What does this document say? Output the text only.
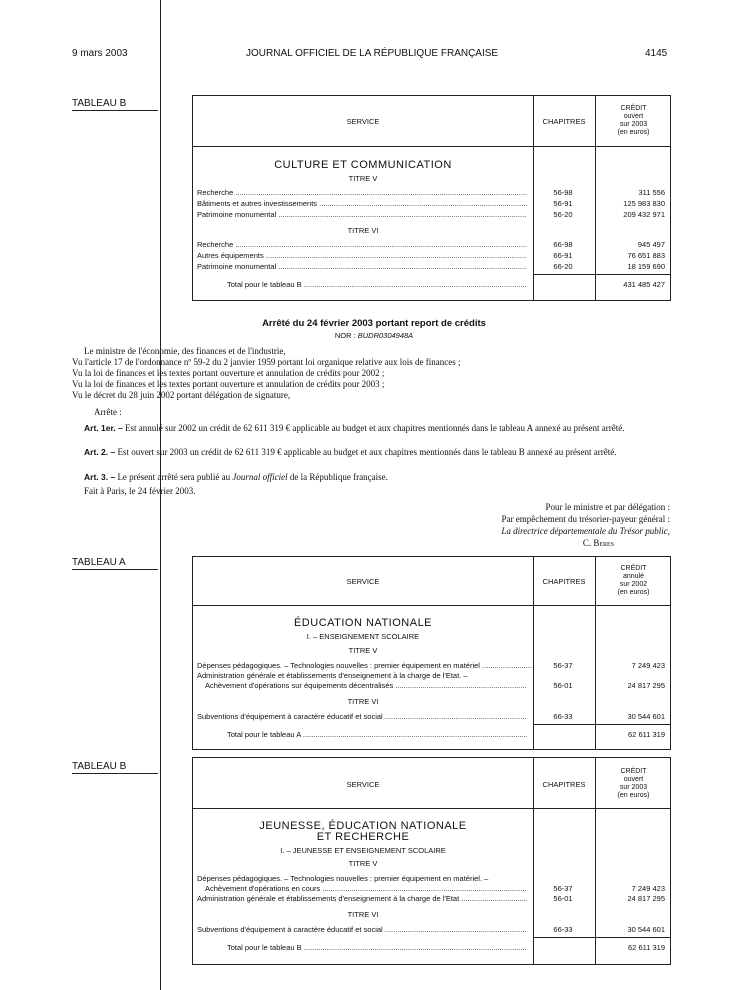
9 mars 2003	JOURNAL OFFICIEL DE LA RÉPUBLIQUE FRANÇAISE	4145
TABLEAU B
SERVICE	CHAPITRES
CRÉDIT
ouvert
sur 2003
(en euros)
CULTURE ET COMMUNICATION
TITRE V
Recherche .....	56-98	311 556
Bâtiments et autres investissements .....	56-91	125 983 830
Patrimoine monumental .....	56-20	209 432 971
TITRE VI
Recherche .....	66-98	945 497
Autres équipements .....	66-91	76 651 883
Patrimoine monumental .....	66-20	18 159 690
Total pour le tableau B .....	431 485 427
Arrêté du 24 février 2003 portant report de crédits
NOR : BUDR0304948A
Le ministre de l'économie, des finances et de l'industrie,
Vu l'article 17 de l'ordonnance nº 59-2 du 2 janvier 1959 portant loi organique relative aux lois de finances ;
Vu la loi de finances et les textes portant ouverture et annulation de crédits pour 2002 ;
Vu la loi de finances et les textes portant ouverture et annulation de crédits pour 2003 ;
Vu le décret du 28 juin 2002 portant délégation de signature,
Arrête :
Art. 1er. – Est annulé sur 2002 un crédit de 62 611 319 € applicable au budget et aux chapitres mentionnés dans le tableau A annexé au présent arrêté.
Art. 2. – Est ouvert sur 2003 un crédit de 62 611 319 € applicable au budget et aux chapitres mentionnés dans le tableau B annexé au présent arrêté.
Art. 3. – Le présent arrêté sera publié au Journal officiel de la République française.
Fait à Paris, le 24 février 2003.
Pour le ministre et par délégation :
Par empêchement du trésorier-payeur général :
La directrice départementale du Trésor public,
C. Beres
TABLEAU A
SERVICE	CHAPITRES
CRÉDIT
annulé
sur 2002
(en euros)
ÉDUCATION NATIONALE
I. – ENSEIGNEMENT SCOLAIRE
TITRE V
Dépenses pédagogiques. – Technologies nouvelles : premier équipement en matériel .....	56-37	7 249 423
Administration générale et établissements d'enseignement à la charge de l'Etat. –
Achèvement d'opérations sur équipements décentralisés .....	56-01	24 817 295
TITRE VI
Subventions d'équipement à caractère éducatif et social .....	66-33	30 544 601
Total pour le tableau A .....	62 611 319
TABLEAU B
SERVICE	CHAPITRES
CRÉDIT
ouvert
sur 2003
(en euros)
JEUNESSE, ÉDUCATION NATIONALE
ET RECHERCHE
I. – JEUNESSE ET ENSEIGNEMENT SCOLAIRE
TITRE V
Dépenses pédagogiques. – Technologies nouvelles : premier équipement en matériel. –
Achèvement d'opérations en cours .....	56-37	7 249 423
Administration générale et établissements d'enseignement à la charge de l'Etat .....	56-01	24 817 295
TITRE VI
Subventions d'équipement à caractère éducatif et social .....	66-33	30 544 601
Total pour le tableau B .....	62 611 319
